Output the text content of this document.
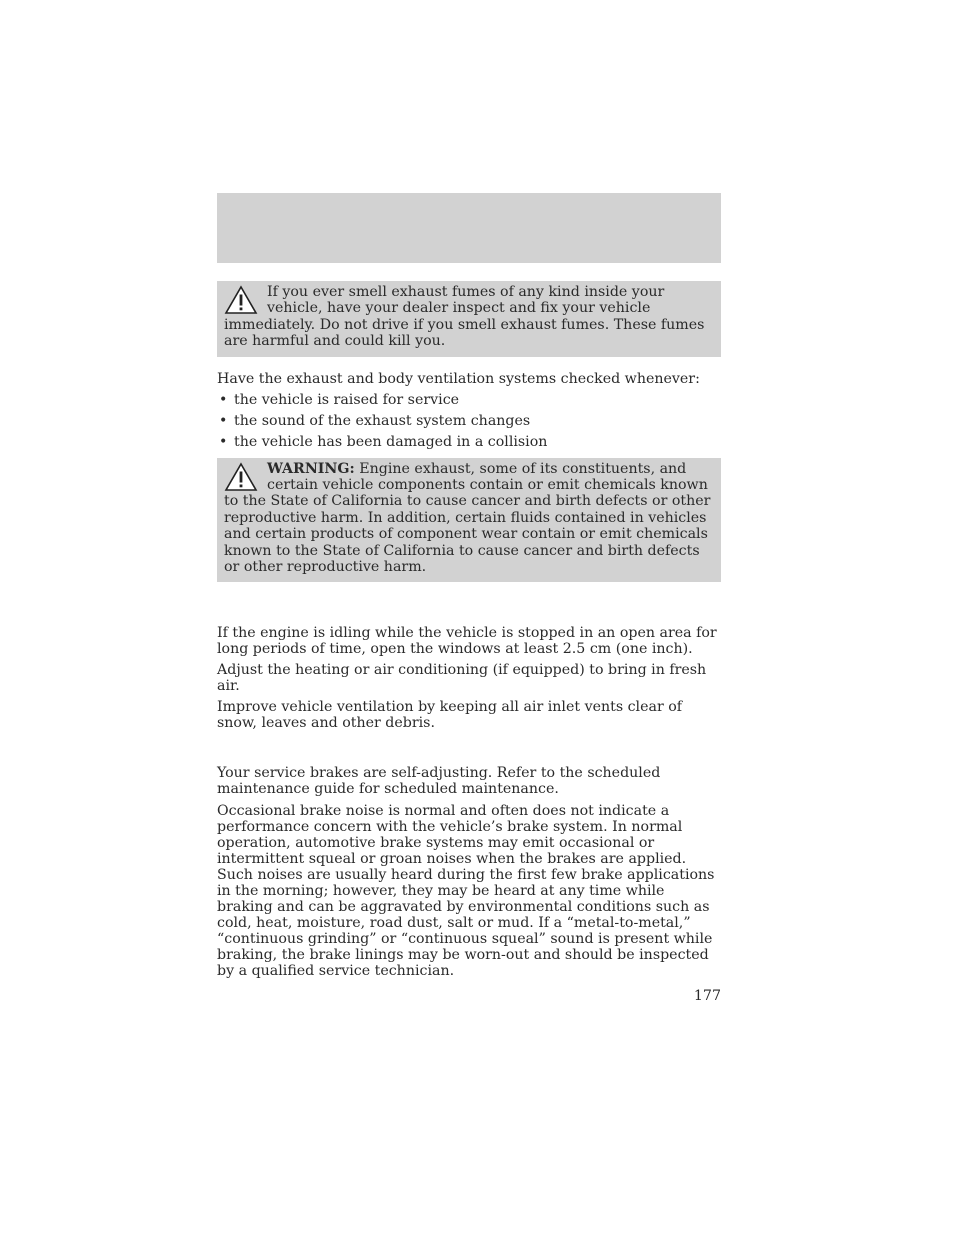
If you ever smell exhaust fumes of any kind inside your vehicle, have your dealer inspect and fix your vehicle immediately. Do not drive if you smell exhaust fumes. These fumes are harmful and could kill you.

Have the exhaust and body ventilation systems checked whenever:

• the vehicle is raised for service
• the sound of the exhaust system changes
• the vehicle has been damaged in a collision
WARNING: Engine exhaust, some of its constituents, and certain vehicle components contain or emit chemicals known to the State of California to cause cancer and birth defects or other reproductive harm. In addition, certain fluids contained in vehicles and certain products of component wear contain or emit chemicals known to the State of California to cause cancer and birth defects or other reproductive harm.

If the engine is idling while the vehicle is stopped in an open area for long periods of time, open the windows at least 2.5 cm (one inch).

Adjust the heating or air conditioning (if equipped) to bring in fresh air.

Improve vehicle ventilation by keeping all air inlet vents clear of snow, leaves and other debris.

Your service brakes are self-adjusting. Refer to the scheduled maintenance guide for scheduled maintenance.

Occasional brake noise is normal and often does not indicate a performance concern with the vehicle’s brake system. In normal operation, automotive brake systems may emit occasional or intermittent squeal or groan noises when the brakes are applied. Such noises are usually heard during the first few brake applications in the morning; however, they may be heard at any time while braking and can be aggravated by environmental conditions such as cold, heat, moisture, road dust, salt or mud. If a “metal-to-metal,” “continuous grinding” or “continuous squeal” sound is present while braking, the brake linings may be worn-out and should be inspected by a qualified service technician.

177
